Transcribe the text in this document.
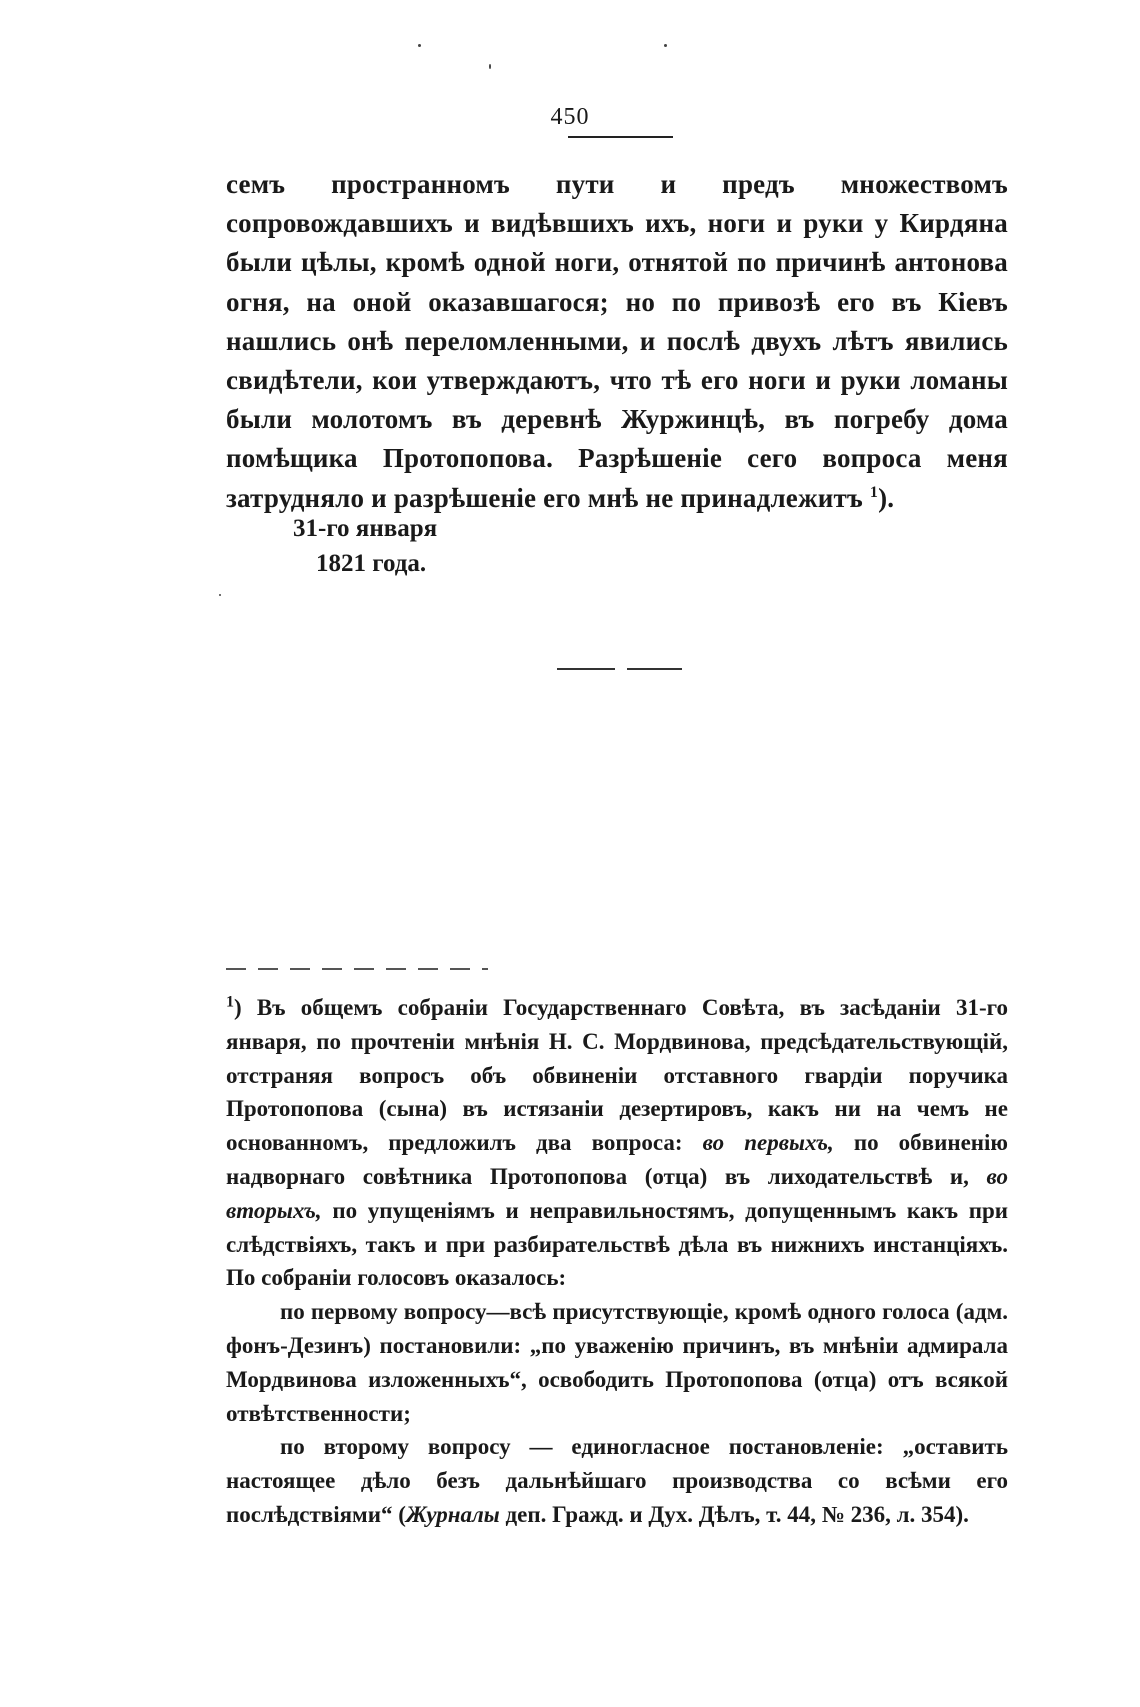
450
семъ пространномъ пути и предъ множествомъ сопровождавшихъ и видѣвшихъ ихъ, ноги и руки у Кирдяна были цѣлы, кромѣ одной ноги, отнятой по причинѣ антонова огня, на оной оказавшагося; но по привозѣ его въ Кіевъ нашлись онѣ переломленными, и послѣ двухъ лѣтъ явились свидѣтели, кои утверждаютъ, что тѣ его ноги и руки ломаны были молотомъ въ деревнѣ Журжинцѣ, въ погребу дома помѣщика Протопопова. Разрѣшеніе сего вопроса меня затрудняло и разрѣшеніе его мнѣ не принадлежитъ $^1$).
31-го января
1821 года.

$^1$) Въ общемъ собраніи Государственнаго Совѣта, въ засѣданіи 31-го января, по прочтеніи мнѣнія Н. С. Мордвинова, предсѣдательствующій, отстраняя вопросъ объ обвиненіи отставного гвардіи поручика Протопопова (сына) въ истязаніи дезертировъ, какъ ни на чемъ не основанномъ, предложилъ два вопроса: во первыхъ, по обвиненію надворнаго совѣтника Протопопова (отца) въ лиходательствѣ и, во вторыхъ, по упущеніямъ и неправильностямъ, допущеннымъ какъ при слѣдствіяхъ, такъ и при разбирательствѣ дѣла въ нижнихъ инстанціяхъ. По собраніи голосовъ оказалось:

по первому вопросу—всѣ присутствующіе, кромѣ одного голоса (адм. фонъ-Дезинъ) постановили: „по уваженію причинъ, въ мнѣніи адмирала Мордвинова изложенныхъ“, освободить Протопопова (отца) отъ всякой отвѣтственности;

по второму вопросу — единогласное постановленіе: „оставить настоящее дѣло безъ дальнѣйшаго производства со всѣми его послѣдствіями“ (Журналы деп. Гражд. и Дух. Дѣлъ, т. 44, № 236, л. 354).
